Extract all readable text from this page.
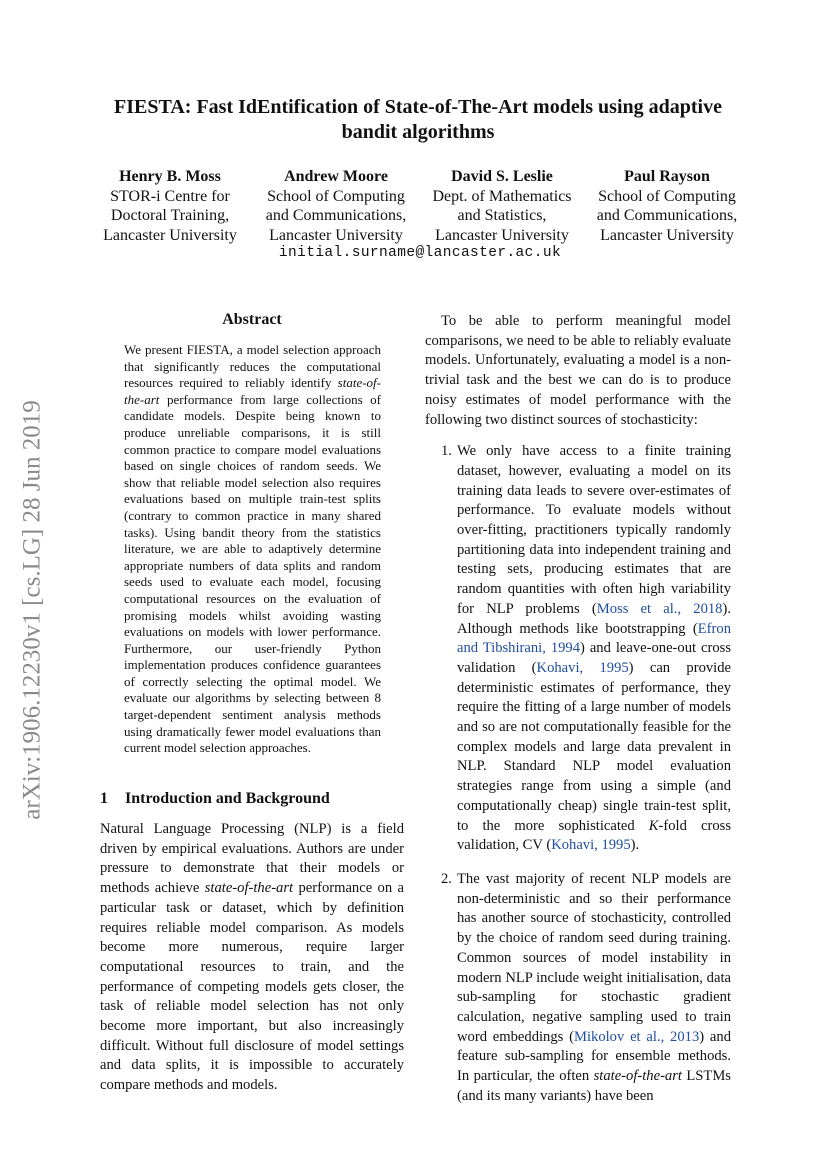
arXiv:1906.12230v1 [cs.LG] 28 Jun 2019
FIESTA: Fast IdEntification of State-of-The-Art models using adaptive bandit algorithms
Henry B. Moss
STOR-i Centre for
Doctoral Training,
Lancaster University
Andrew Moore
School of Computing
and Communications,
Lancaster University
David S. Leslie
Dept. of Mathematics
and Statistics,
Lancaster University
Paul Rayson
School of Computing
and Communications,
Lancaster University
initial.surname@lancaster.ac.uk
Abstract
We present FIESTA, a model selection approach that significantly reduces the computational resources required to reliably identify state-of-the-art performance from large collections of candidate models. Despite being known to produce unreliable comparisons, it is still common practice to compare model evaluations based on single choices of random seeds. We show that reliable model selection also requires evaluations based on multiple train-test splits (contrary to common practice in many shared tasks). Using bandit theory from the statistics literature, we are able to adaptively determine appropriate numbers of data splits and random seeds used to evaluate each model, focusing computational resources on the evaluation of promising models whilst avoiding wasting evaluations on models with lower performance. Furthermore, our user-friendly Python implementation produces confidence guarantees of correctly selecting the optimal model. We evaluate our algorithms by selecting between 8 target-dependent sentiment analysis methods using dramatically fewer model evaluations than current model selection approaches.
1 Introduction and Background
Natural Language Processing (NLP) is a field driven by empirical evaluations. Authors are under pressure to demonstrate that their models or methods achieve state-of-the-art performance on a particular task or dataset, which by definition requires reliable model comparison. As models become more numerous, require larger computational resources to train, and the performance of competing models gets closer, the task of reliable model selection has not only become more important, but also increasingly difficult. Without full disclosure of model settings and data splits, it is impossible to accurately compare methods and models.

To be able to perform meaningful model comparisons, we need to be able to reliably evaluate models. Unfortunately, evaluating a model is a non-trivial task and the best we can do is to produce noisy estimates of model performance with the following two distinct sources of stochasticity:

1. We only have access to a finite training dataset, however, evaluating a model on its training data leads to severe over-estimates of performance. To evaluate models without over-fitting, practitioners typically randomly partitioning data into independent training and testing sets, producing estimates that are random quantities with often high variability for NLP problems (Moss et al., 2018). Although methods like bootstrapping (Efron and Tibshirani, 1994) and leave-one-out cross validation (Kohavi, 1995) can provide deterministic estimates of performance, they require the fitting of a large number of models and so are not computationally feasible for the complex models and large data prevalent in NLP. Standard NLP model evaluation strategies range from using a simple (and computationally cheap) single train-test split, to the more sophisticated K-fold cross validation, CV (Kohavi, 1995).
2. The vast majority of recent NLP models are non-deterministic and so their performance has another source of stochasticity, controlled by the choice of random seed during training. Common sources of model instability in modern NLP include weight initialisation, data sub-sampling for stochastic gradient calculation, negative sampling used to train word embeddings (Mikolov et al., 2013) and feature sub-sampling for ensemble methods. In particular, the often state-of-the-art LSTMs (and its many variants) have been
